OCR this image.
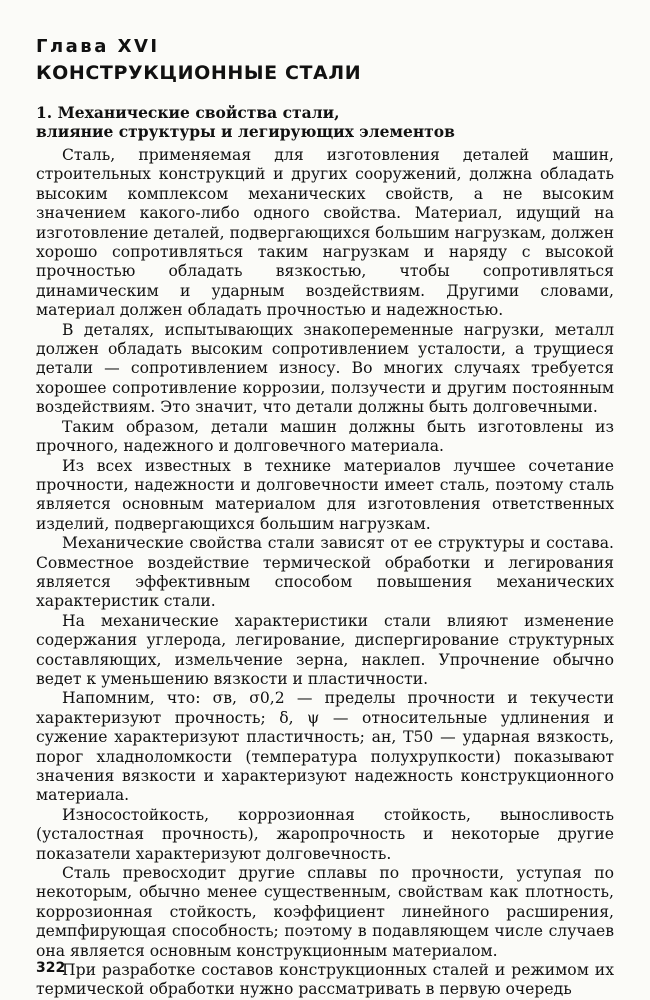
Глава XVI
КОНСТРУКЦИОННЫЕ СТАЛИ
1. Механические свойства стали,
влияние структуры и легирующих элементов

Сталь, применяемая для изготовления деталей машин, строительных конструкций и других сооружений, должна обладать высоким комплексом механических свойств, а не высоким значением какого-либо одного свойства. Материал, идущий на изготовление деталей, подвергающихся большим нагрузкам, должен хорошо сопротивляться таким нагрузкам и наряду с высокой прочностью обладать вязкостью, чтобы сопротивляться динамическим и ударным воздействиям. Другими словами, материал должен обладать прочностью и надежностью.

В деталях, испытывающих знакопеременные нагрузки, металл должен обладать высоким сопротивлением усталости, а трущиеся детали — сопротивлением износу. Во многих случаях требуется хорошее сопротивление коррозии, ползучести и другим постоянным воздействиям. Это значит, что детали должны быть долговечными.

Таким образом, детали машин должны быть изготовлены из прочного, надежного и долговечного материала.

Из всех известных в технике материалов лучшее сочетание прочности, надежности и долговечности имеет сталь, поэтому сталь является основным материалом для изготовления ответственных изделий, подвергающихся большим нагрузкам.

Механические свойства стали зависят от ее структуры и состава. Совместное воздействие термической обработки и легирования является эффективным способом повышения механических характеристик стали.

На механические характеристики стали влияют изменение содержания углерода, легирование, диспергирование структурных составляющих, измельчение зерна, наклеп. Упрочнение обычно ведет к уменьшению вязкости и пластичности.

Напомним, что: σв, σ0,2 — пределы прочности и текучести характеризуют прочность; δ, ψ — относительные удлинения и сужение характеризуют пластичность; aн, T50 — ударная вязкость, порог хладноломкости (температура полухрупкости) показывают значения вязкости и характеризуют надежность конструкционного материала.

Износостойкость, коррозионная стойкость, выносливость (усталостная прочность), жаропрочность и некоторые другие показатели характеризуют долговечность.

Сталь превосходит другие сплавы по прочности, уступая по некоторым, обычно менее существенным, свойствам как плотность, коррозионная стойкость, коэффициент линейного расширения, демпфирующая способность; поэтому в подавляющем числе случаев она является основным конструкционным материалом.

При разработке составов конструкционных сталей и режимом их термической обработки нужно рассматривать в первую очередь

322
